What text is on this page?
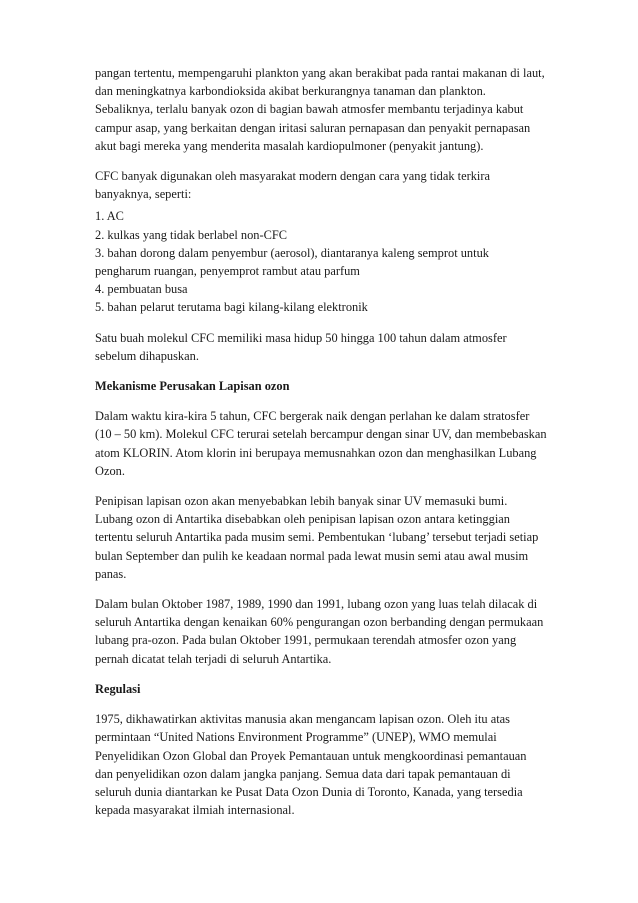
pangan tertentu, mempengaruhi plankton yang akan berakibat pada rantai makanan di laut, dan meningkatnya karbondioksida akibat berkurangnya tanaman dan plankton. Sebaliknya, terlalu banyak ozon di bagian bawah atmosfer membantu terjadinya kabut campur asap, yang berkaitan dengan iritasi saluran pernapasan dan penyakit pernapasan akut bagi mereka yang menderita masalah kardiopulmoner (penyakit jantung).

CFC banyak digunakan oleh masyarakat modern dengan cara yang tidak terkira banyaknya, seperti:

1. AC
2. kulkas yang tidak berlabel non-CFC
3. bahan dorong dalam penyembur (aerosol), diantaranya kaleng semprot untuk pengharum ruangan, penyemprot rambut atau parfum
4. pembuatan busa
5. bahan pelarut terutama bagi kilang-kilang elektronik

Satu buah molekul CFC memiliki masa hidup 50 hingga 100 tahun dalam atmosfer sebelum dihapuskan.

Mekanisme Perusakan Lapisan ozon

Dalam waktu kira-kira 5 tahun, CFC bergerak naik dengan perlahan ke dalam stratosfer (10 – 50 km). Molekul CFC terurai setelah bercampur dengan sinar UV, dan membebaskan atom KLORIN. Atom klorin ini berupaya memusnahkan ozon dan menghasilkan Lubang Ozon.

Penipisan lapisan ozon akan menyebabkan lebih banyak sinar UV memasuki bumi. Lubang ozon di Antartika disebabkan oleh penipisan lapisan ozon antara ketinggian tertentu seluruh Antartika pada musim semi. Pembentukan ‘lubang’ tersebut terjadi setiap bulan September dan pulih ke keadaan normal pada lewat musin semi atau awal musim panas.

Dalam bulan Oktober 1987, 1989, 1990 dan 1991, lubang ozon yang luas telah dilacak di seluruh Antartika dengan kenaikan 60% pengurangan ozon berbanding dengan permukaan lubang pra-ozon. Pada bulan Oktober 1991, permukaan terendah atmosfer ozon yang pernah dicatat telah terjadi di seluruh Antartika.

Regulasi

1975, dikhawatirkan aktivitas manusia akan mengancam lapisan ozon. Oleh itu atas permintaan “United Nations Environment Programme” (UNEP), WMO memulai Penyelidikan Ozon Global dan Proyek Pemantauan untuk mengkoordinasi pemantauan dan penyelidikan ozon dalam jangka panjang. Semua data dari tapak pemantauan di seluruh dunia diantarkan ke Pusat Data Ozon Dunia di Toronto, Kanada, yang tersedia kepada masyarakat ilmiah internasional.
